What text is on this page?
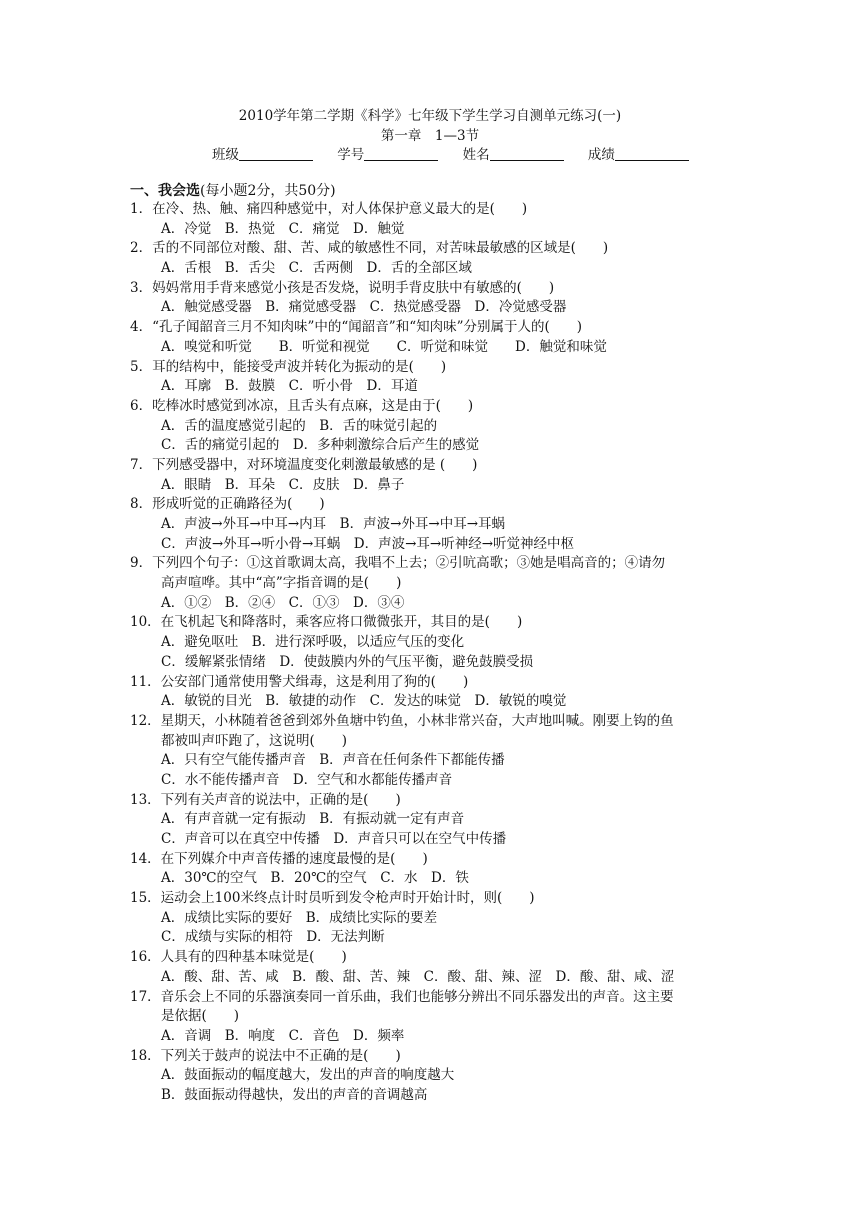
2010学年第二学期《科学》七年级下学生学习自测单元练习(一)
第一章　1—3节
班级	学号	姓名	成绩
一、我会选(每小题2分，共50分)
1．在冷、热、触、痛四种感觉中，对人体保护意义最大的是(　　)
A．冷觉　B．热觉　C．痛觉　D．触觉
2．舌的不同部位对酸、甜、苦、咸的敏感性不同，对苦味最敏感的区域是(　　)
A．舌根　B．舌尖　C．舌两侧　D．舌的全部区域
3．妈妈常用手背来感觉小孩是否发烧，说明手背皮肤中有敏感的(　　)
A．触觉感受器　B．痛觉感受器　C．热觉感受器　D．冷觉感受器
4．“孔子闻韶音三月不知肉味”中的“闻韶音”和“知肉味”分别属于人的(　　)
A．嗅觉和听觉　　B．听觉和视觉　　C．听觉和味觉　　D．触觉和味觉
5．耳的结构中，能接受声波并转化为振动的是(　　)
A．耳廓　B．鼓膜　C．听小骨　D．耳道
6．吃棒冰时感觉到冰凉，且舌头有点麻，这是由于(　　)
A．舌的温度感觉引起的　B．舌的味觉引起的
C．舌的痛觉引起的　D．多种刺激综合后产生的感觉
7．下列感受器中，对环境温度变化刺激最敏感的是 (　　)
A．眼睛　B．耳朵　C．皮肤　D．鼻子
8．形成听觉的正确路径为(　　)
A．声波→外耳→中耳→内耳　B．声波→外耳→中耳→耳蜗
C．声波→外耳→听小骨→耳蜗　D．声波→耳→听神经→听觉神经中枢
9．下列四个句子：①这首歌调太高，我唱不上去；②引吭高歌；③她是唱高音的；④请勿
高声喧哗。其中“高”字指音调的是(　　)
A．①②　B．②④　C．①③　D．③④
10．在飞机起飞和降落时，乘客应将口微微张开，其目的是(　　)
A．避免呕吐　B．进行深呼吸，以适应气压的变化
C．缓解紧张情绪　D．使鼓膜内外的气压平衡，避免鼓膜受损
11．公安部门通常使用警犬缉毒，这是利用了狗的(　　)
A．敏锐的目光　B．敏捷的动作　C．发达的味觉　D．敏锐的嗅觉
12．星期天，小林随着爸爸到郊外鱼塘中钓鱼，小林非常兴奋，大声地叫喊。刚要上钩的鱼
都被叫声吓跑了，这说明(　　)
A．只有空气能传播声音　B．声音在任何条件下都能传播
C．水不能传播声音　D．空气和水都能传播声音
13．下列有关声音的说法中，正确的是(　　)
A．有声音就一定有振动　B．有振动就一定有声音
C．声音可以在真空中传播　D．声音只可以在空气中传播
14．在下列媒介中声音传播的速度最慢的是(　　)
A．30℃的空气　B．20℃的空气　C．水　D．铁
15．运动会上100米终点计时员听到发令枪声时开始计时，则(　　)
A．成绩比实际的要好　B．成绩比实际的要差
C．成绩与实际的相符　D．无法判断
16．人具有的四种基本味觉是(　　)
A．酸、甜、苦、咸　B．酸、甜、苦、辣　C．酸、甜、辣、涩　D．酸、甜、咸、涩
17．音乐会上不同的乐器演奏同一首乐曲，我们也能够分辨出不同乐器发出的声音。这主要
是依据(　　)
A．音调　B．响度　C．音色　D．频率
18．下列关于鼓声的说法中不正确的是(　　)
A．鼓面振动的幅度越大，发出的声音的响度越大
B．鼓面振动得越快，发出的声音的音调越高
